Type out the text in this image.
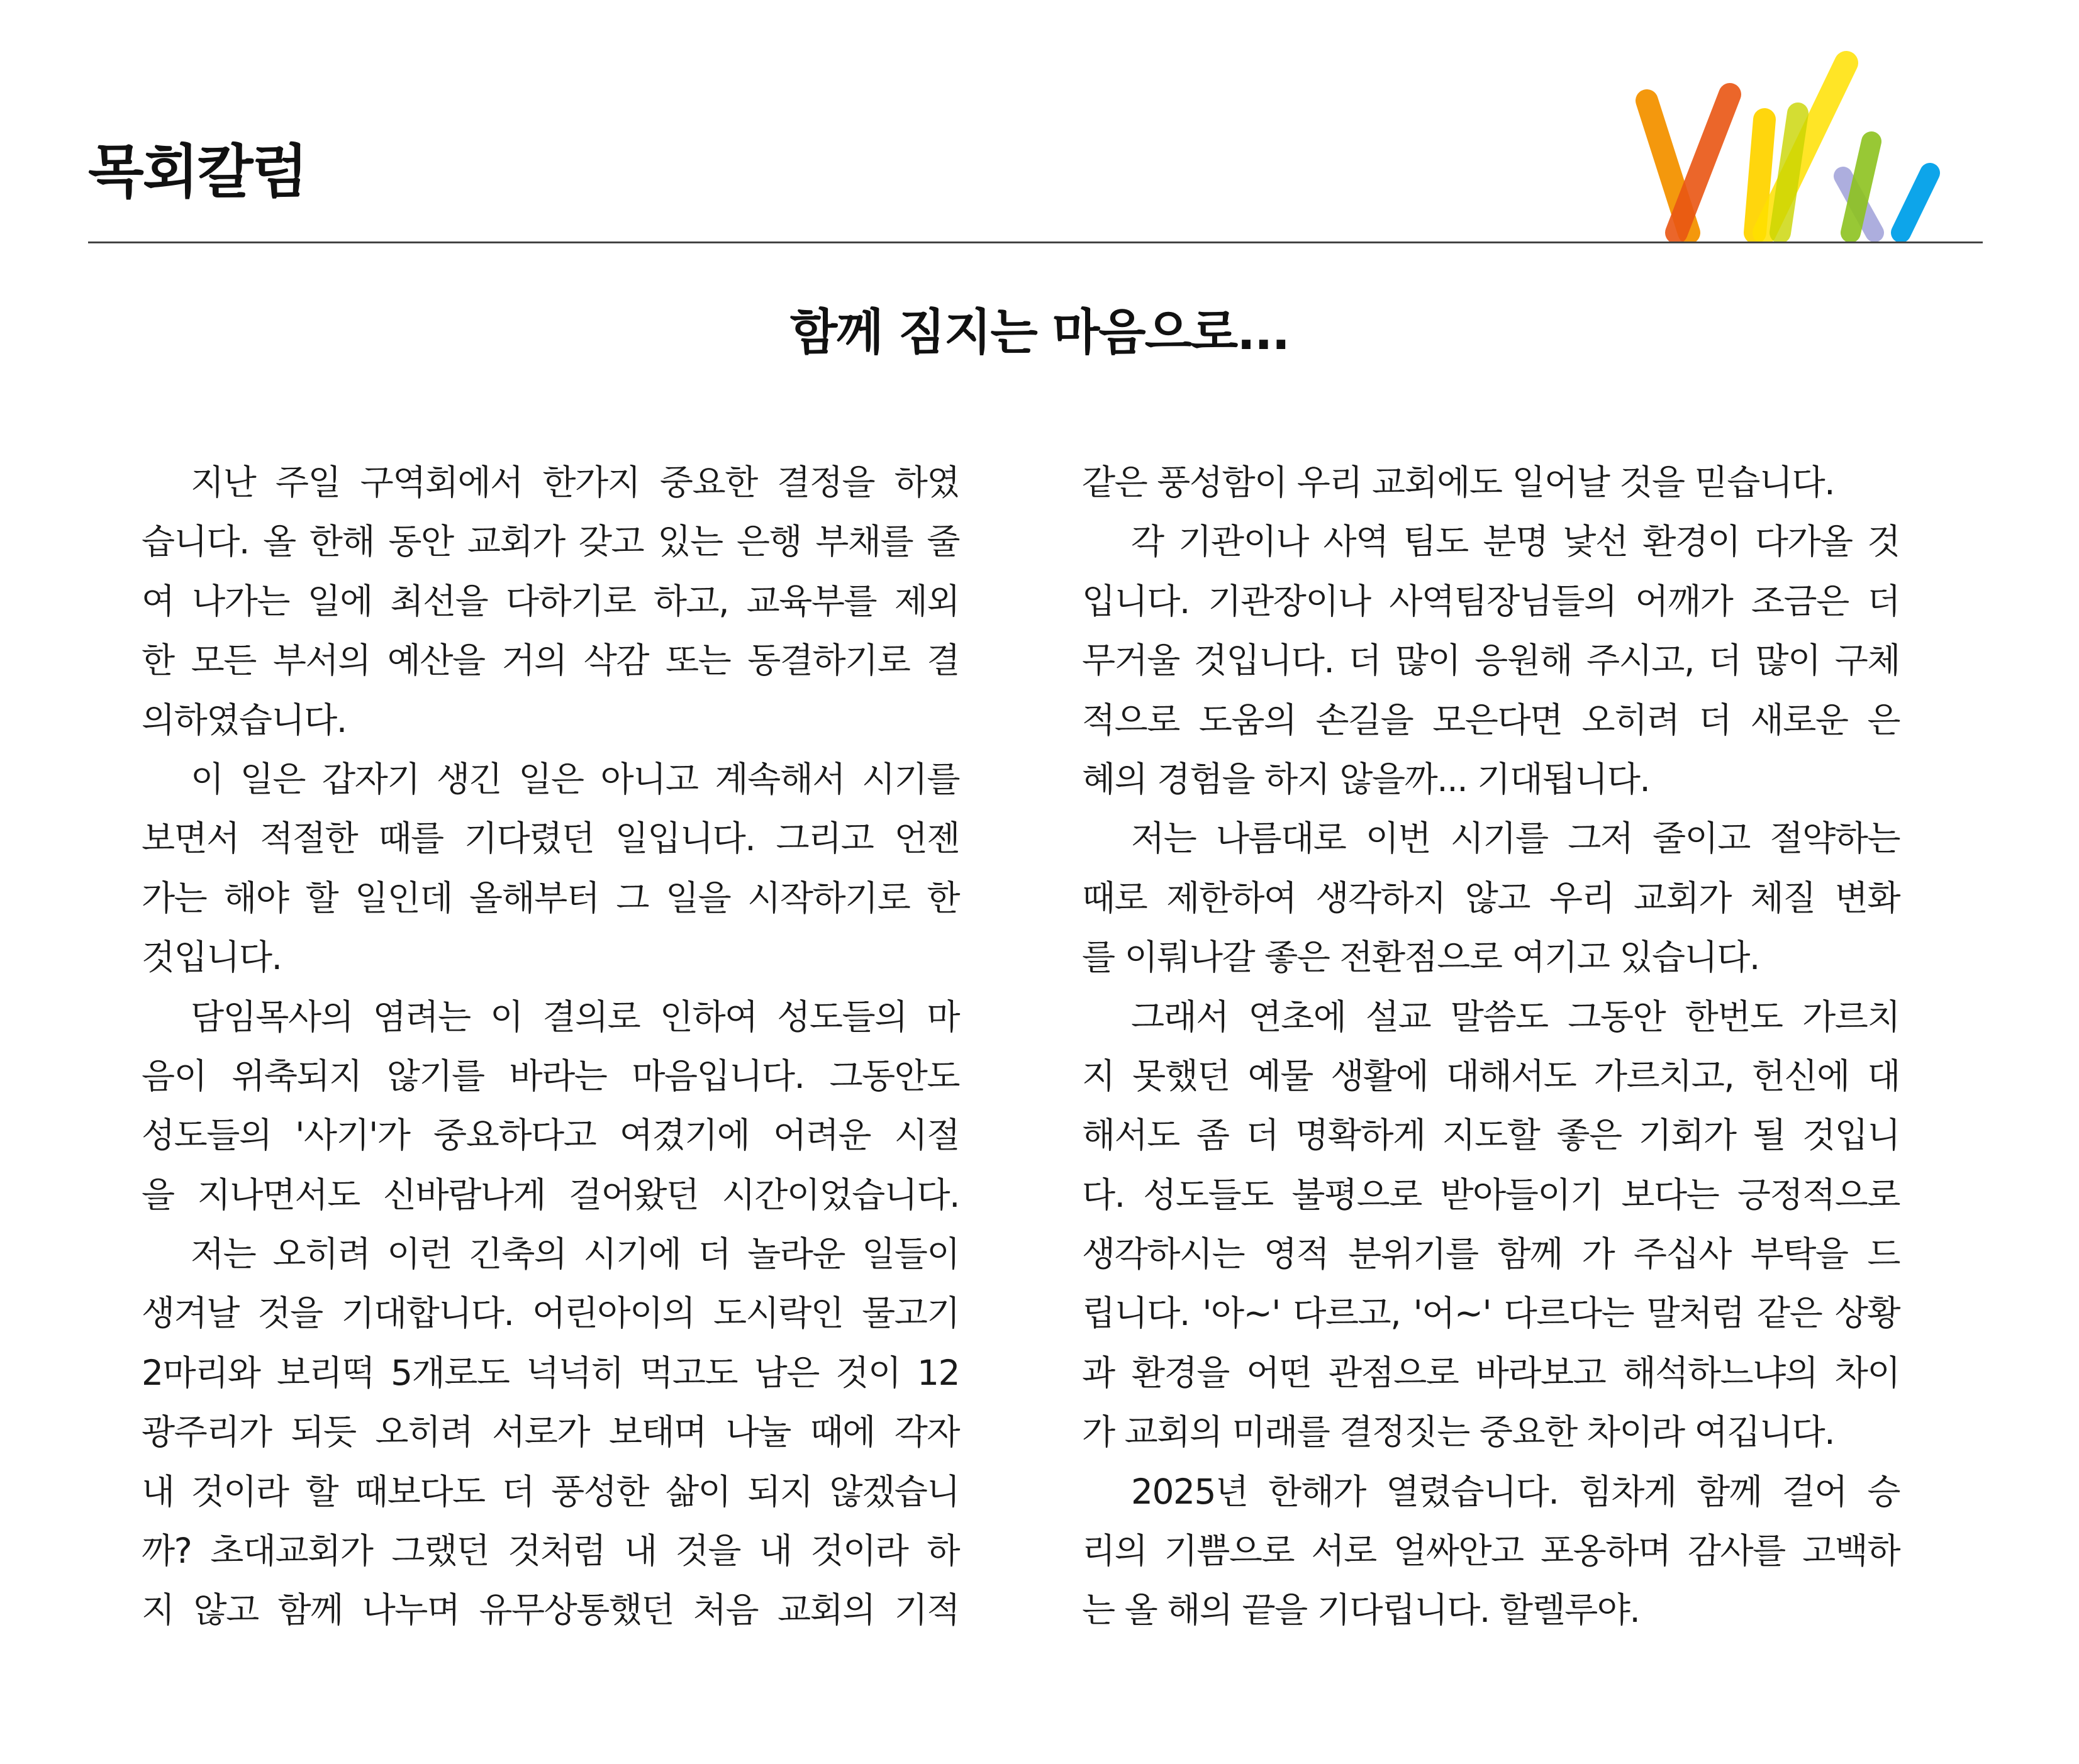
목회칼럼
함께 짐지는 마음으로...
지난 주일 구역회에서 한가지 중요한 결정을 하였
습니다. 올 한해 동안 교회가 갖고 있는 은행 부채를 줄
여 나가는 일에 최선을 다하기로 하고, 교육부를 제외
한 모든 부서의 예산을 거의 삭감 또는 동결하기로 결
의하였습니다.
이 일은 갑자기 생긴 일은 아니고 계속해서 시기를
보면서 적절한 때를 기다렸던 일입니다. 그리고 언젠
가는 해야 할 일인데 올해부터 그 일을 시작하기로 한
것입니다.
담임목사의 염려는 이 결의로 인하여 성도들의 마
음이 위축되지 않기를 바라는 마음입니다. 그동안도
성도들의 '사기'가 중요하다고 여겼기에 어려운 시절
을 지나면서도 신바람나게 걸어왔던 시간이었습니다.
저는 오히려 이런 긴축의 시기에 더 놀라운 일들이
생겨날 것을 기대합니다. 어린아이의 도시락인 물고기
2마리와 보리떡 5개로도 넉넉히 먹고도 남은 것이 12
광주리가 되듯 오히려 서로가 보태며 나눌 때에 각자
내 것이라 할 때보다도 더 풍성한 삶이 되지 않겠습니
까? 초대교회가 그랬던 것처럼 내 것을 내 것이라 하
지 않고 함께 나누며 유무상통했던 처음 교회의 기적
같은 풍성함이 우리 교회에도 일어날 것을 믿습니다.
각 기관이나 사역 팀도 분명 낯선 환경이 다가올 것
입니다. 기관장이나 사역팀장님들의 어깨가 조금은 더
무거울 것입니다. 더 많이 응원해 주시고, 더 많이 구체
적으로 도움의 손길을 모은다면 오히려 더 새로운 은
혜의 경험을 하지 않을까... 기대됩니다.
저는 나름대로 이번 시기를 그저 줄이고 절약하는
때로 제한하여 생각하지 않고 우리 교회가 체질 변화
를 이뤄나갈 좋은 전환점으로 여기고 있습니다.
그래서 연초에 설교 말씀도 그동안 한번도 가르치
지 못했던 예물 생활에 대해서도 가르치고, 헌신에 대
해서도 좀 더 명확하게 지도할 좋은 기회가 될 것입니
다. 성도들도 불평으로 받아들이기 보다는 긍정적으로
생각하시는 영적 분위기를 함께 가 주십사 부탁을 드
립니다. '아~' 다르고, '어~' 다르다는 말처럼 같은 상황
과 환경을 어떤 관점으로 바라보고 해석하느냐의 차이
가 교회의 미래를 결정짓는 중요한 차이라 여깁니다.
2025년 한해가 열렸습니다. 힘차게 함께 걸어 승
리의 기쁨으로 서로 얼싸안고 포옹하며 감사를 고백하
는 올 해의 끝을 기다립니다. 할렐루야.
